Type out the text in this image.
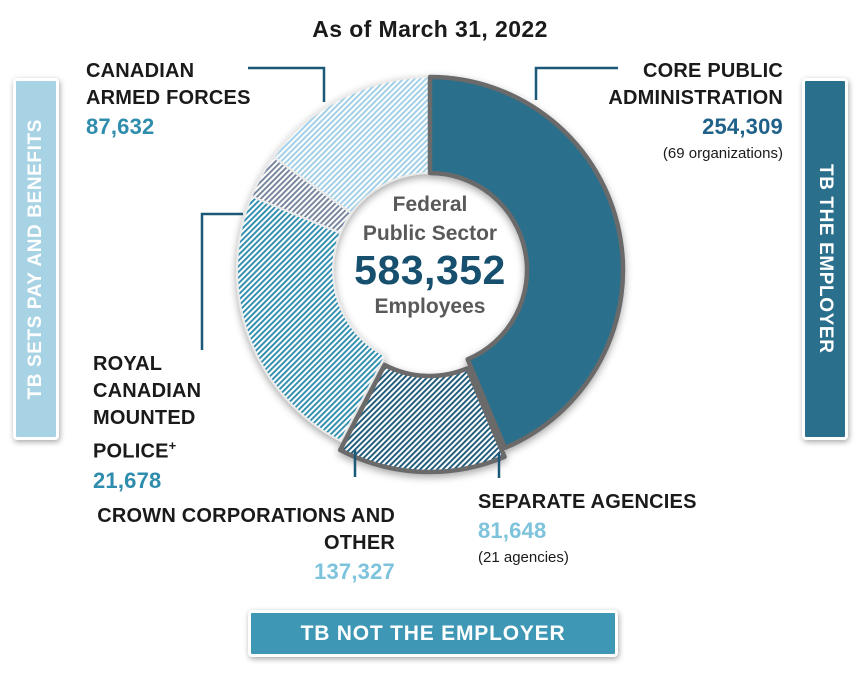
As of March 31, 2022
Federal
Public Sector
583,352
Employees
CANADIAN ARMED FORCES
87,632
CORE PUBLIC ADMINISTRATION
254,309
(69 organizations)
ROYAL CANADIAN MOUNTED POLICE+
21,678
CROWN CORPORATIONS AND OTHER
137,327
SEPARATE AGENCIES
81,648
(21 agencies)
TB SETS PAY AND BENEFITS	TB THE EMPLOYER
TB NOT THE EMPLOYER
